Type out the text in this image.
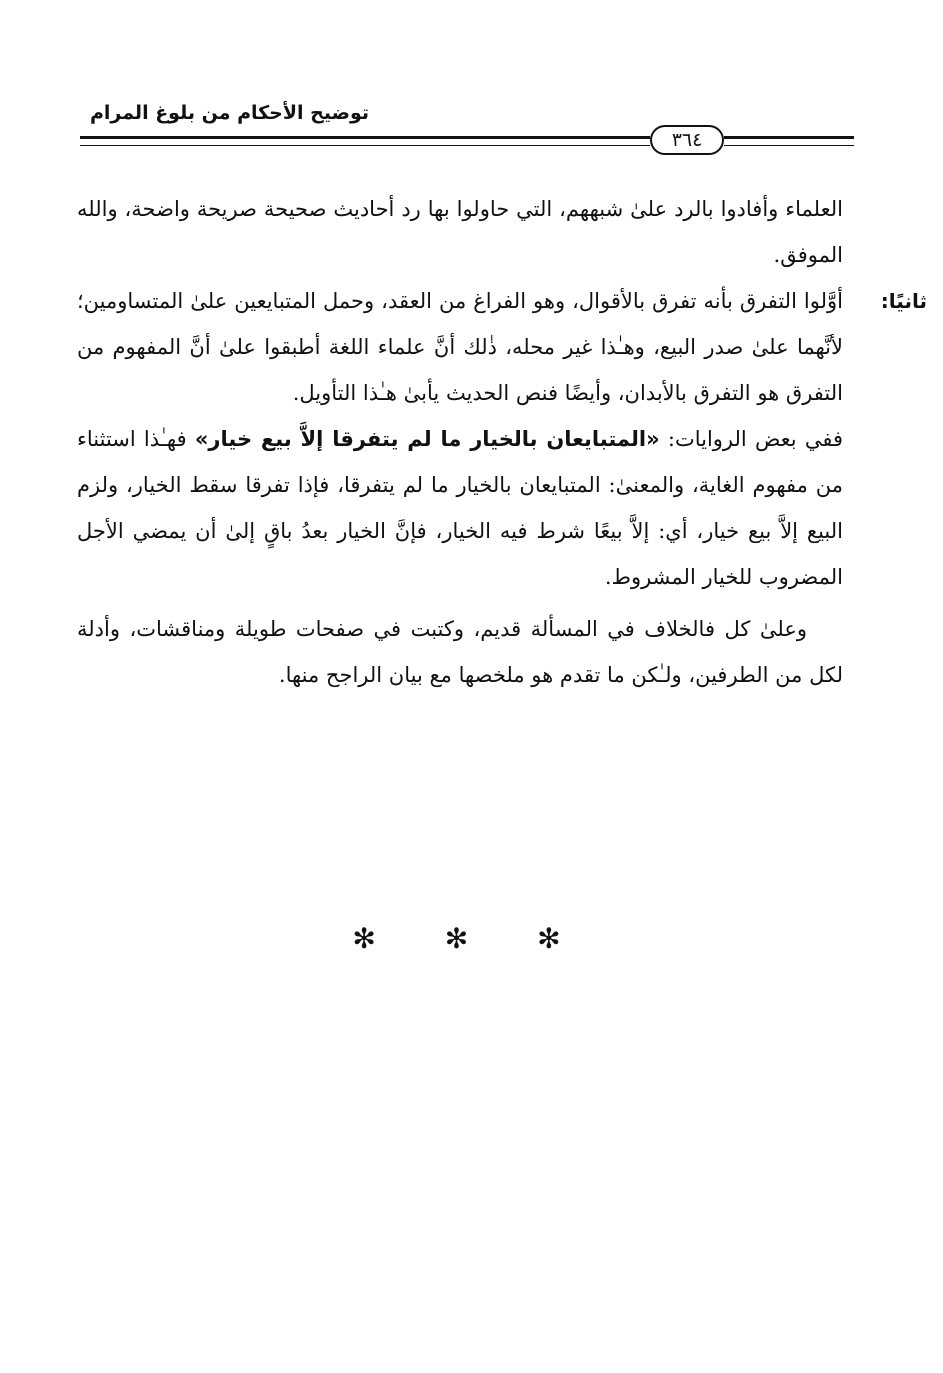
توضيح الأحكام من بلوغ المرام
٣٦٤

العلماء وأفادوا بالرد علىٰ شبههم، التي حاولوا بها رد أحاديث صحيحة صريحة واضحة، والله الموفق.

ثانيًا:
أوَّلوا التفرق بأنه تفرق بالأقوال، وهو الفراغ من العقد، وحمل المتبايعين علىٰ المتساومين؛ لأنَّهما علىٰ صدر البيع، وهـٰذا غير محله، ذٰلك أنَّ علماء اللغة أطبقوا علىٰ أنَّ المفهوم من التفرق هو التفرق بالأبدان، وأيضًا فنص الحديث يأبىٰ هـٰذا التأويل.

ففي بعض الروايات: «المتبايعان بالخيار ما لم يتفرقا إلاَّ بيع خيار» فهـٰذا استثناء من مفهوم الغاية، والمعنىٰ: المتبايعان بالخيار ما لم يتفرقا، فإذا تفرقا سقط الخيار، ولزم البيع إلاَّ بيع خيار، أي: إلاَّ بيعًا شرط فيه الخيار، فإنَّ الخيار بعدُ باقٍ إلىٰ أن يمضي الأجل المضروب للخيار المشروط.

وعلىٰ كل فالخلاف في المسألة قديم، وكتبت في صفحات طويلة ومناقشات، وأدلة لكل من الطرفين، ولـٰكن ما تقدم هو ملخصها مع بيان الراجح منها.

✻ ✻ ✻
